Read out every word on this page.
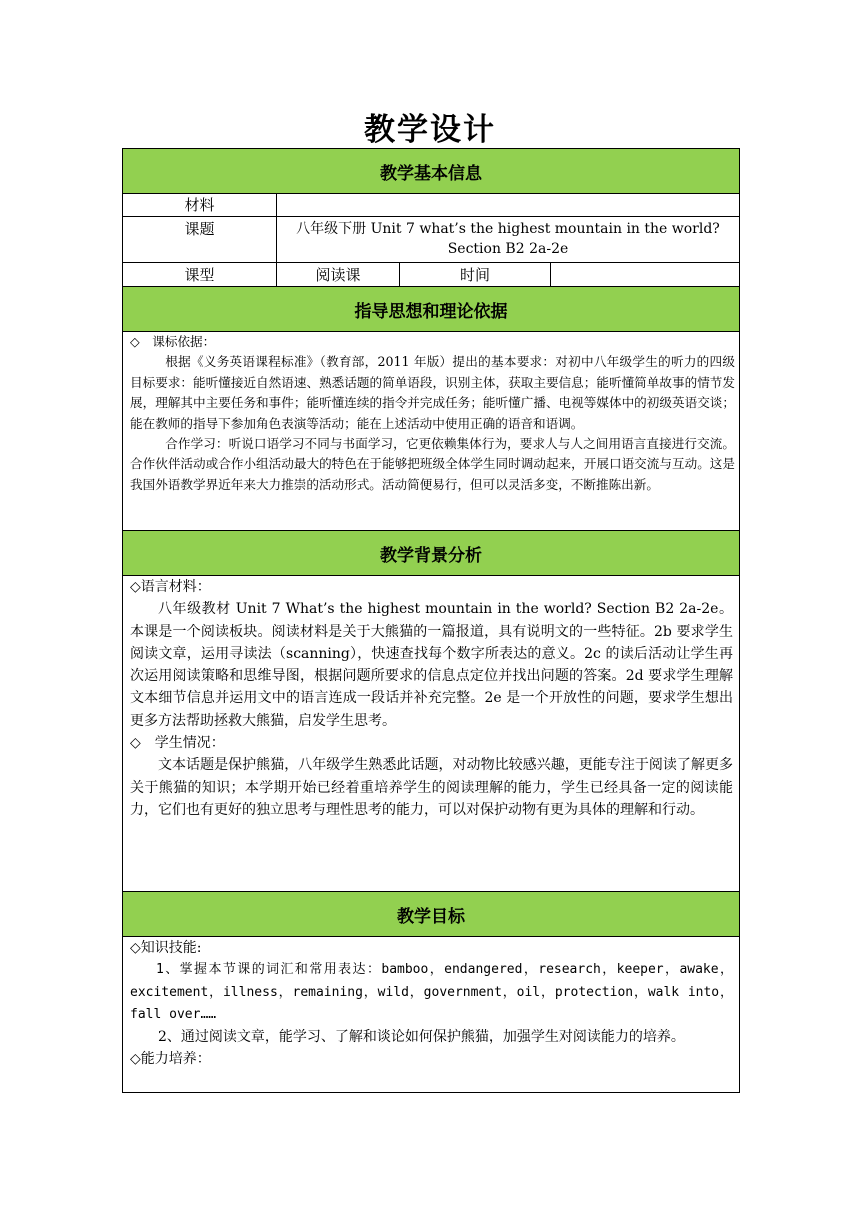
教学设计
教学基本信息			
材料			
课题	八年级下册 Unit 7 what’s the highest mountain in the world? Section B2 2a-2e		
课型	阅读课	时间	
指导思想和理论依据			

◇　课标依据：

根据《义务英语课程标准》（教育部，2011 年版）提出的基本要求：对初中八年级学生的听力的四级目标要求：能听懂接近自然语速、熟悉话题的简单语段，识别主体，获取主要信息；能听懂简单故事的情节发展，理解其中主要任务和事件；能听懂连续的指令并完成任务；能听懂广播、电视等媒体中的初级英语交谈；能在教师的指导下参加角色表演等活动；能在上述活动中使用正确的语音和语调。

合作学习：听说口语学习不同与书面学习，它更依赖集体行为，要求人与人之间用语言直接进行交流。合作伙伴活动或合作小组活动最大的特色在于能够把班级全体学生同时调动起来，开展口语交流与互动。这是我国外语教学界近年来大力推崇的活动形式。活动简便易行，但可以灵活多变，不断推陈出新。			

教学背景分析			

◇语言材料：

八年级教材 Unit 7 What’s the highest mountain in the world? Section B2 2a-2e。本课是一个阅读板块。阅读材料是关于大熊猫的一篇报道，具有说明文的一些特征。2b 要求学生阅读文章，运用寻读法（scanning），快速查找每个数字所表达的意义。2c 的读后活动让学生再次运用阅读策略和思维导图，根据问题所要求的信息点定位并找出问题的答案。2d 要求学生理解文本细节信息并运用文中的语言连成一段话并补充完整。2e 是一个开放性的问题，要求学生想出更多方法帮助拯救大熊猫，启发学生思考。

◇　学生情况：

文本话题是保护熊猫，八年级学生熟悉此话题，对动物比较感兴趣，更能专注于阅读了解更多关于熊猫的知识；本学期开始已经着重培养学生的阅读理解的能力，学生已经具备一定的阅读能力，它们也有更好的独立思考与理性思考的能力，可以对保护动物有更为具体的理解和行动。			

教学目标			

◇知识技能:

1、掌握本节课的词汇和常用表达：bamboo，endangered，research，keeper，awake，excitement，illness，remaining，wild，government，oil，protection，walk into，fall over……

2、通过阅读文章，能学习、了解和谈论如何保护熊猫，加强学生对阅读能力的培养。

◇能力培养：			
